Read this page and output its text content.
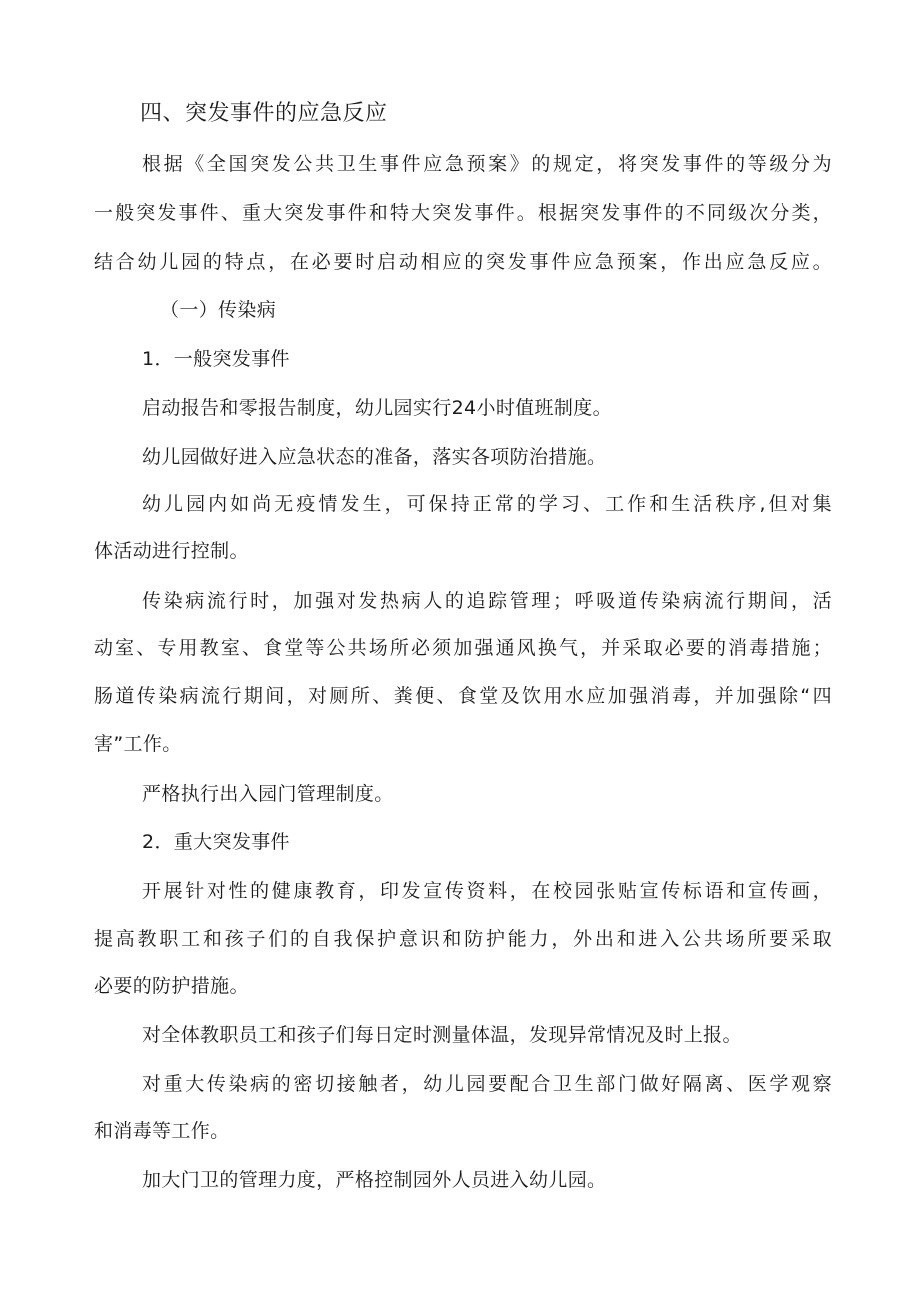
四、突发事件的应急反应
根据《全国突发公共卫生事件应急预案》的规定，将突发事件的等级分为
一般突发事件、重大突发事件和特大突发事件。根据突发事件的不同级次分类，
结合幼儿园的特点，在必要时启动相应的突发事件应急预案，作出应急反应。
（一）传染病
1．一般突发事件
启动报告和零报告制度，幼儿园实行24小时值班制度。
幼儿园做好进入应急状态的准备，落实各项防治措施。
幼儿园内如尚无疫情发生，可保持正常的学习、工作和生活秩序,但对集
体活动进行控制。
传染病流行时，加强对发热病人的追踪管理；呼吸道传染病流行期间，活
动室、专用教室、食堂等公共场所必须加强通风换气，并采取必要的消毒措施；
肠道传染病流行期间，对厕所、粪便、食堂及饮用水应加强消毒，并加强除“四
害”工作。
严格执行出入园门管理制度。
2．重大突发事件
开展针对性的健康教育，印发宣传资料，在校园张贴宣传标语和宣传画，
提高教职工和孩子们的自我保护意识和防护能力，外出和进入公共场所要采取
必要的防护措施。
对全体教职员工和孩子们每日定时测量体温，发现异常情况及时上报。
对重大传染病的密切接触者，幼儿园要配合卫生部门做好隔离、医学观察
和消毒等工作。
加大门卫的管理力度，严格控制园外人员进入幼儿园。
